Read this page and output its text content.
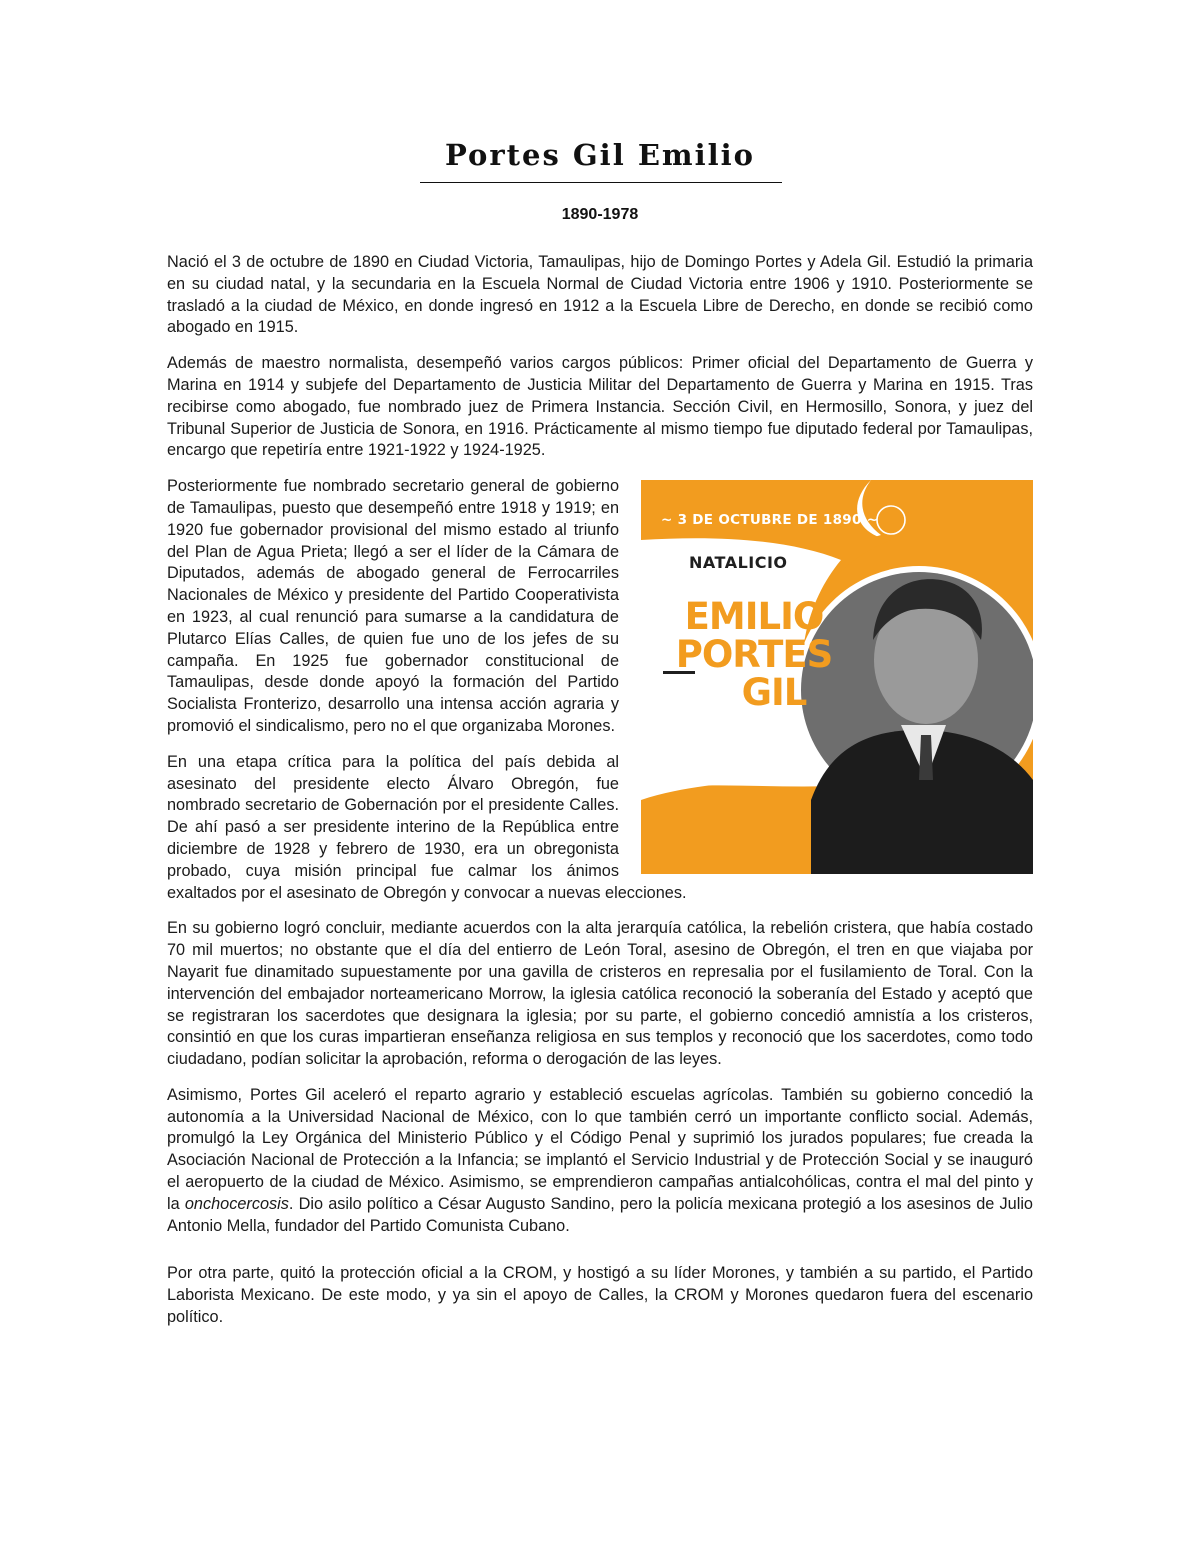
Portes Gil Emilio
1890-1978

Nació el 3 de octubre de 1890 en Ciudad Victoria, Tamaulipas, hijo de Domingo Portes y Adela Gil. Estudió la primaria en su ciudad natal, y la secundaria en la Escuela Normal de Ciudad Victoria entre 1906 y 1910. Posteriormente se trasladó a la ciudad de México, en donde ingresó en 1912 a la Escuela Libre de Derecho, en donde se recibió como abogado en 1915.

Además de maestro normalista, desempeñó varios cargos públicos: Primer oficial del Departamento de Guerra y Marina en 1914 y subjefe del Departamento de Justicia Militar del Departamento de Guerra y Marina en 1915. Tras recibirse como abogado, fue nombrado juez de Primera Instancia. Sección Civil, en Hermosillo, Sonora, y juez del Tribunal Superior de Justicia de Sonora, en 1916. Prácticamente al mismo tiempo fue diputado federal por Tamaulipas, encargo que repetiría entre 1921-1922 y 1924-1925.

~ 3 DE OCTUBRE DE 1890 ~
NATALICIO
EMILIO
PORTES
GIL

Posteriormente fue nombrado secretario general de gobierno de Tamaulipas, puesto que desempeñó entre 1918 y 1919; en 1920 fue gobernador provisional del mismo estado al triunfo del Plan de Agua Prieta; llegó a ser el líder de la Cámara de Diputados, además de abogado general de Ferrocarriles Nacionales de México y presidente del Partido Cooperativista en 1923, al cual renunció para sumarse a la candidatura de Plutarco Elías Calles, de quien fue uno de los jefes de su campaña. En 1925 fue gobernador constitucional de Tamaulipas, desde donde apoyó la formación del Partido Socialista Fronterizo, desarrollo una intensa acción agraria y promovió el sindicalismo, pero no el que organizaba Morones.

En una etapa crítica para la política del país debida al asesinato del presidente electo Álvaro Obregón, fue nombrado secretario de Gobernación por el presidente Calles. De ahí pasó a ser presidente interino de la República entre diciembre de 1928 y febrero de 1930, era un obregonista probado, cuya misión principal fue calmar los ánimos exaltados por el asesinato de Obregón y convocar a nuevas elecciones.

En su gobierno logró concluir, mediante acuerdos con la alta jerarquía católica, la rebelión cristera, que había costado 70 mil muertos; no obstante que el día del entierro de León Toral, asesino de Obregón, el tren en que viajaba por Nayarit fue dinamitado supuestamente por una gavilla de cristeros en represalia por el fusilamiento de Toral. Con la intervención del embajador norteamericano Morrow, la iglesia católica reconoció la soberanía del Estado y aceptó que se registraran los sacerdotes que designara la iglesia; por su parte, el gobierno concedió amnistía a los cristeros, consintió en que los curas impartieran enseñanza religiosa en sus templos y reconoció que los sacerdotes, como todo ciudadano, podían solicitar la aprobación, reforma o derogación de las leyes.

Asimismo, Portes Gil aceleró el reparto agrario y estableció escuelas agrícolas. También su gobierno concedió la autonomía a la Universidad Nacional de México, con lo que también cerró un importante conflicto social. Además, promulgó la Ley Orgánica del Ministerio Público y el Código Penal y suprimió los jurados populares; fue creada la Asociación Nacional de Protección a la Infancia; se implantó el Servicio Industrial y de Protección Social y se inauguró el aeropuerto de la ciudad de México. Asimismo, se emprendieron campañas antialcohólicas, contra el mal del pinto y la onchocercosis. Dio asilo político a César Augusto Sandino, pero la policía mexicana protegió a los asesinos de Julio Antonio Mella, fundador del Partido Comunista Cubano.

Por otra parte, quitó la protección oficial a la CROM, y hostigó a su líder Morones, y también a su partido, el Partido Laborista Mexicano. De este modo, y ya sin el apoyo de Calles, la CROM y Morones quedaron fuera del escenario político.
